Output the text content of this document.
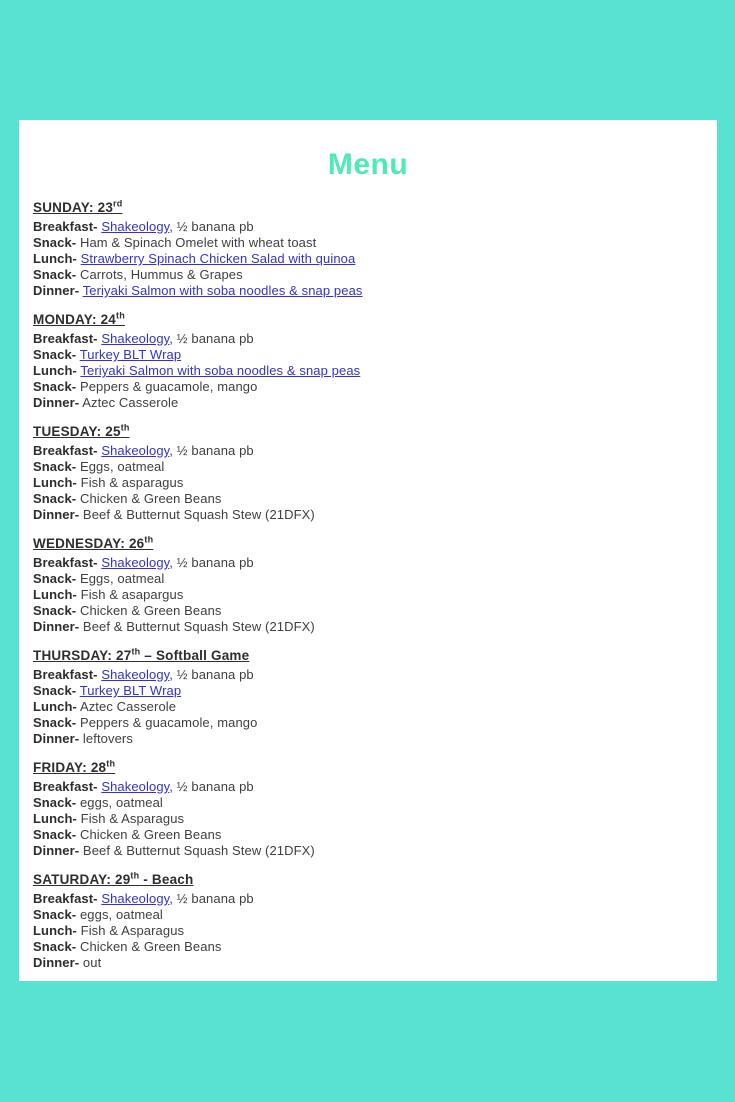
Menu
SUNDAY: 23rd

Breakfast- Shakeology, ½ banana pb

Snack- Ham & Spinach Omelet with wheat toast

Lunch- Strawberry Spinach Chicken Salad with quinoa

Snack- Carrots, Hummus & Grapes

Dinner- Teriyaki Salmon with soba noodles & snap peas

MONDAY: 24th

Breakfast- Shakeology, ½ banana pb

Snack- Turkey BLT Wrap

Lunch- Teriyaki Salmon with soba noodles & snap peas

Snack- Peppers & guacamole, mango

Dinner- Aztec Casserole

TUESDAY: 25th

Breakfast- Shakeology, ½ banana pb

Snack- Eggs, oatmeal

Lunch- Fish & asparagus

Snack- Chicken & Green Beans

Dinner- Beef & Butternut Squash Stew (21DFX)

WEDNESDAY: 26th

Breakfast- Shakeology, ½ banana pb

Snack- Eggs, oatmeal

Lunch- Fish & asapargus

Snack- Chicken & Green Beans

Dinner- Beef & Butternut Squash Stew (21DFX)

THURSDAY: 27th – Softball Game

Breakfast- Shakeology, ½ banana pb

Snack- Turkey BLT Wrap

Lunch- Aztec Casserole

Snack- Peppers & guacamole, mango

Dinner- leftovers

FRIDAY: 28th

Breakfast- Shakeology, ½ banana pb

Snack- eggs, oatmeal

Lunch- Fish & Asparagus

Snack- Chicken & Green Beans

Dinner- Beef & Butternut Squash Stew (21DFX)

SATURDAY: 29th - Beach

Breakfast- Shakeology, ½ banana pb

Snack- eggs, oatmeal

Lunch- Fish & Asparagus

Snack- Chicken & Green Beans

Dinner- out
